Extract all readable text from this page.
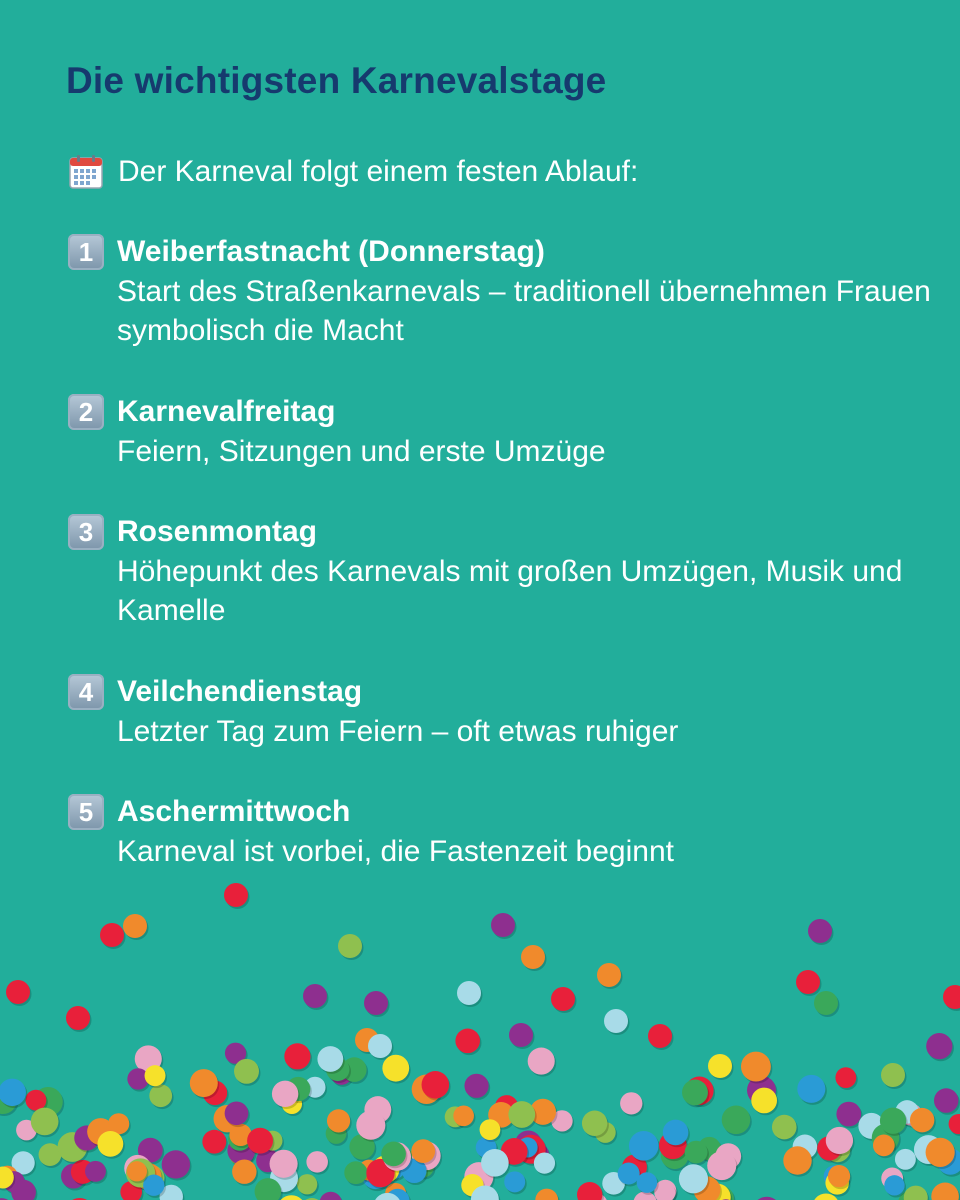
Die wichtigsten Karnevalstage
Der Karneval folgt einem festen Ablauf:
1 Weiberfastnacht (Donnerstag)
Start des Straßenkarnevals – traditionell übernehmen Frauen symbolisch die Macht
2 Karnevalfreitag
Feiern, Sitzungen und erste Umzüge
3 Rosenmontag
Höhepunkt des Karnevals mit großen Umzügen, Musik und Kamelle
4 Veilchendienstag
Letzter Tag zum Feiern – oft etwas ruhiger
5 Aschermittwoch
Karneval ist vorbei, die Fastenzeit beginnt
